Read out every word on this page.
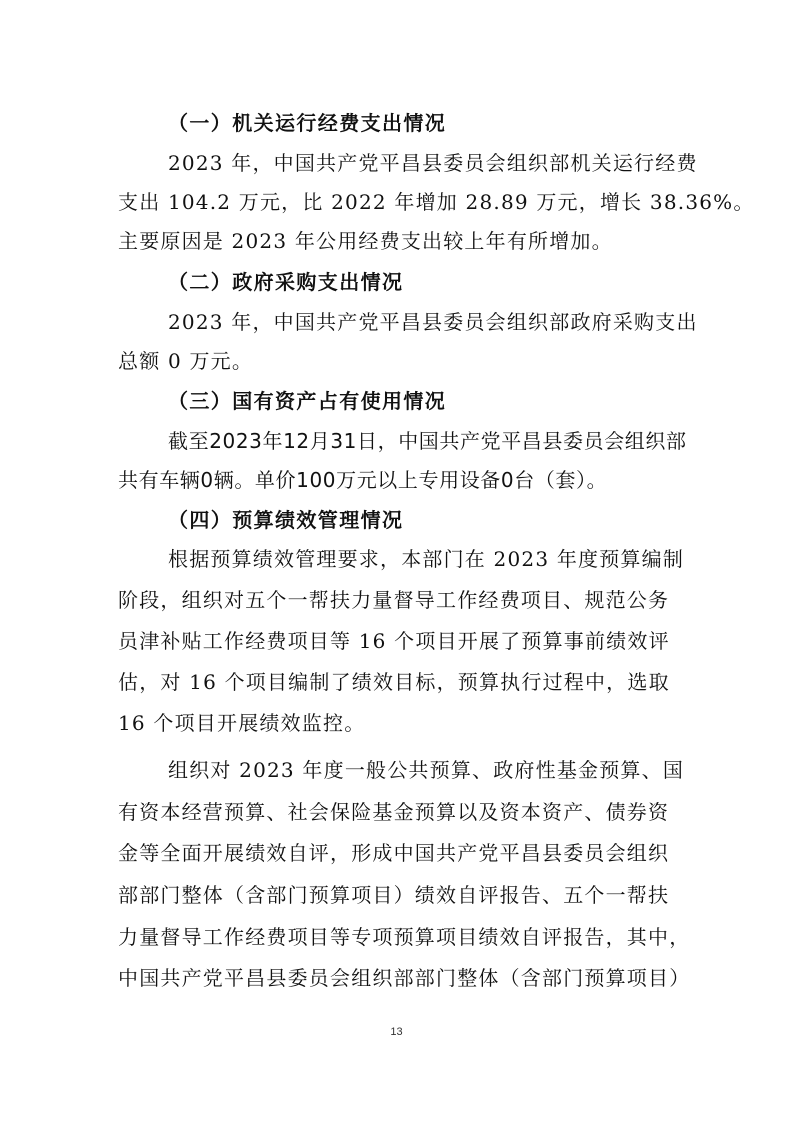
（一）机关运行经费支出情况
2023 年，中国共产党平昌县委员会组织部机关运行经费
支出 104.2 万元，比 2022 年增加 28.89 万元，增长 38.36%。
主要原因是 2023 年公用经费支出较上年有所增加。
（二）政府采购支出情况
2023 年，中国共产党平昌县委员会组织部政府采购支出
总额 0 万元。
（三）国有资产占有使用情况
截至2023年12月31日，中国共产党平昌县委员会组织部
共有车辆0辆。单价100万元以上专用设备0台（套）。
（四）预算绩效管理情况
根据预算绩效管理要求，本部门在 2023 年度预算编制
阶段，组织对五个一帮扶力量督导工作经费项目、规范公务
员津补贴工作经费项目等 16 个项目开展了预算事前绩效评
估，对 16 个项目编制了绩效目标，预算执行过程中，选取
16 个项目开展绩效监控。
组织对 2023 年度一般公共预算、政府性基金预算、国
有资本经营预算、社会保险基金预算以及资本资产、债券资
金等全面开展绩效自评，形成中国共产党平昌县委员会组织
部部门整体（含部门预算项目）绩效自评报告、五个一帮扶
力量督导工作经费项目等专项预算项目绩效自评报告，其中，
中国共产党平昌县委员会组织部部门整体（含部门预算项目）
13
